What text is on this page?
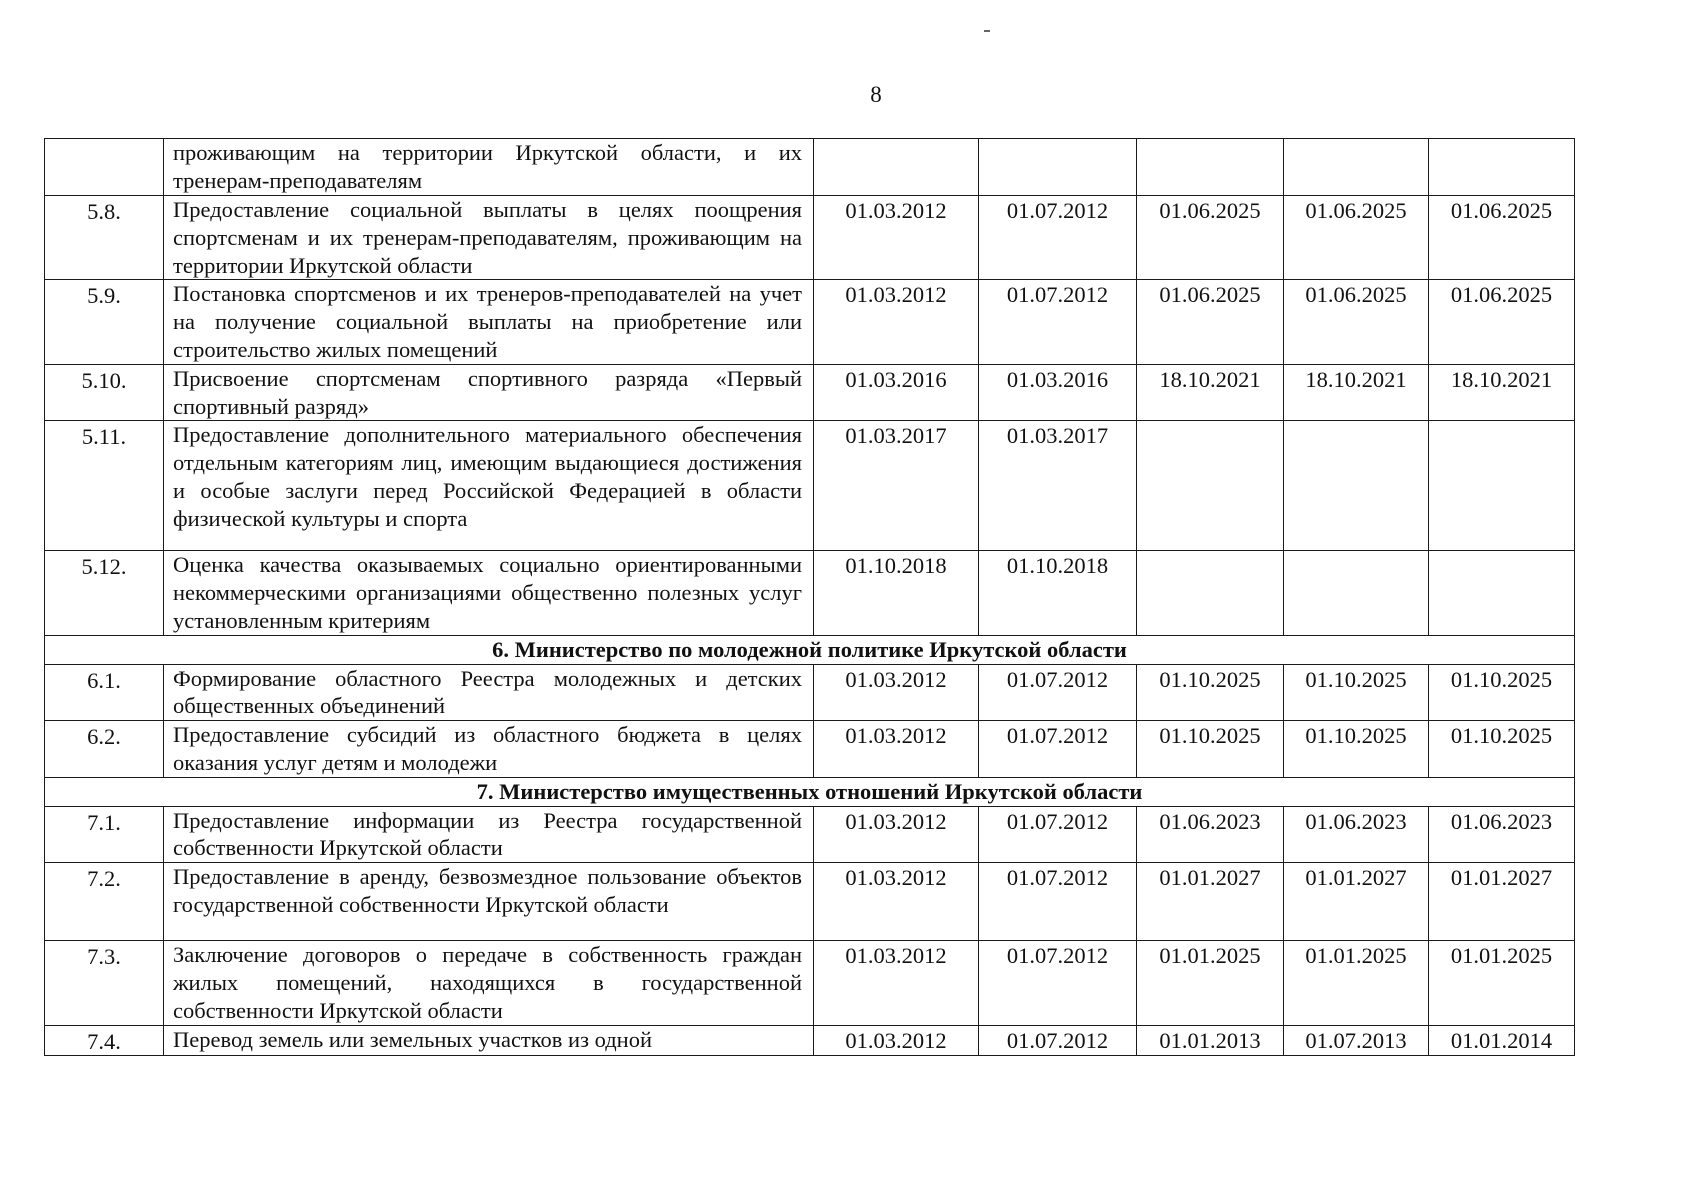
8
	проживающим на территории Иркутской области, и их тренерам-преподавателям					
5.8.	Предоставление социальной выплаты в целях поощрения спортсменам и их тренерам-преподавателям, проживающим на территории Иркутской области	01.03.2012	01.07.2012	01.06.2025	01.06.2025	01.06.2025
5.9.	Постановка спортсменов и их тренеров-преподавателей на учет на получение социальной выплаты на приобретение или строительство жилых помещений	01.03.2012	01.07.2012	01.06.2025	01.06.2025	01.06.2025
5.10.	Присвоение спортсменам спортивного разряда «Первый спортивный разряд»	01.03.2016	01.03.2016	18.10.2021	18.10.2021	18.10.2021
5.11.	Предоставление дополнительного материального обеспечения отдельным категориям лиц, имеющим выдающиеся достижения и особые заслуги перед Российской Федерацией в области физической культуры и спорта	01.03.2017	01.03.2017			
5.12.	Оценка качества оказываемых социально ориентированными некоммерческими организациями общественно полезных услуг установленным критериям	01.10.2018	01.10.2018			
6. Министерство по молодежной политике Иркутской области						
6.1.	Формирование областного Реестра молодежных и детских общественных объединений	01.03.2012	01.07.2012	01.10.2025	01.10.2025	01.10.2025
6.2.	Предоставление субсидий из областного бюджета в целях оказания услуг детям и молодежи	01.03.2012	01.07.2012	01.10.2025	01.10.2025	01.10.2025
7. Министерство имущественных отношений Иркутской области						
7.1.	Предоставление информации из Реестра государственной собственности Иркутской области	01.03.2012	01.07.2012	01.06.2023	01.06.2023	01.06.2023
7.2.	Предоставление в аренду, безвозмездное пользование объектов государственной собственности Иркутской области	01.03.2012	01.07.2012	01.01.2027	01.01.2027	01.01.2027
7.3.	Заключение договоров о передаче в собственность граждан жилых помещений, находящихся в государственной собственности Иркутской области	01.03.2012	01.07.2012	01.01.2025	01.01.2025	01.01.2025
7.4.	Перевод земель или земельных участков из одной	01.03.2012	01.07.2012	01.01.2013	01.07.2013	01.01.2014
